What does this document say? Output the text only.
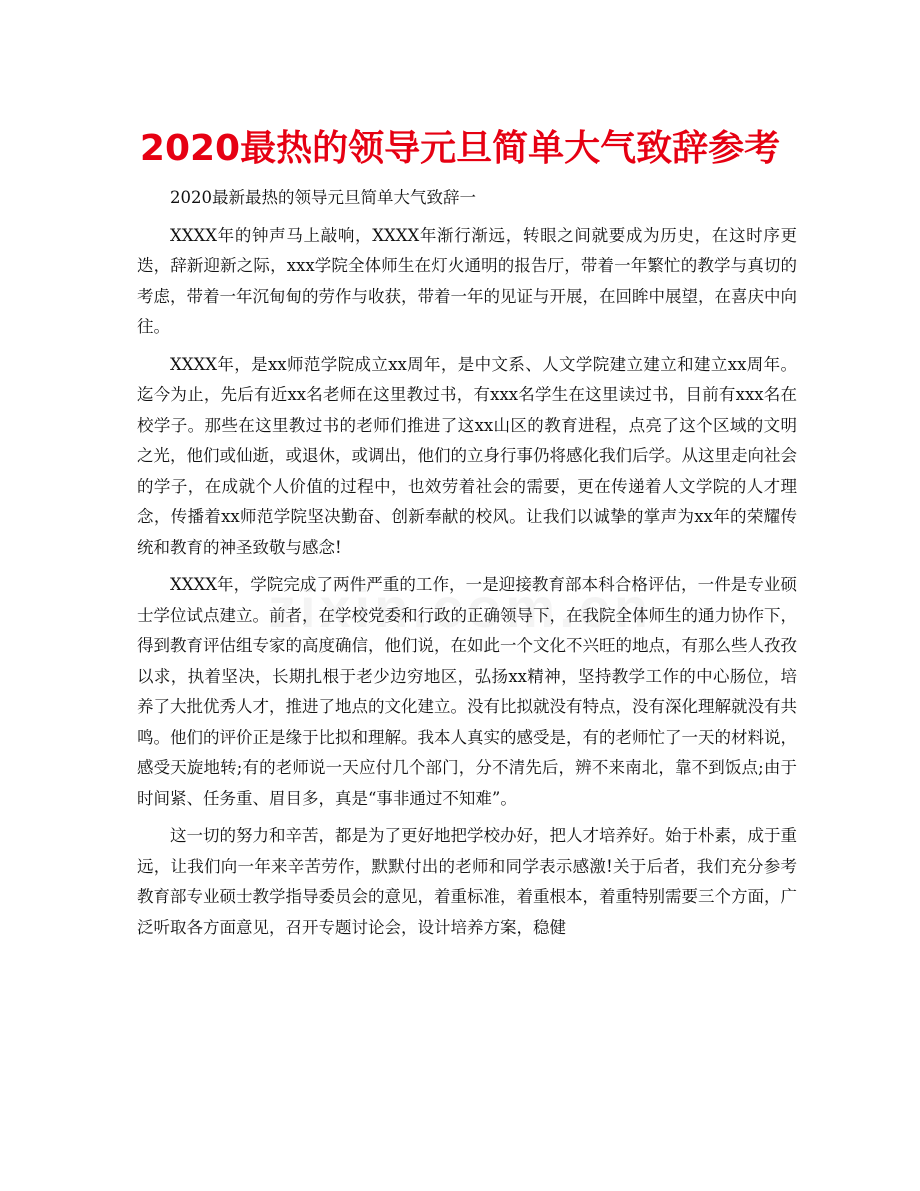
2020最热的领导元旦简单大气致辞参考

2020最新最热的领导元旦简单大气致辞一

XXXX年的钟声马上敲响，XXXX年渐行渐远，转眼之间就要成为历史，在这时序更迭，辞新迎新之际，xxx学院全体师生在灯火通明的报告厅，带着一年繁忙的教学与真切的考虑，带着一年沉甸甸的劳作与收获，带着一年的见证与开展，在回眸中展望，在喜庆中向往。

XXXX年，是xx师范学院成立xx周年，是中文系、人文学院建立建立和建立xx周年。迄今为止，先后有近xx名老师在这里教过书，有xxx名学生在这里读过书，目前有xxx名在校学子。那些在这里教过书的老师们推进了这xx山区的教育进程，点亮了这个区域的文明之光，他们或仙逝，或退休，或调出，他们的立身行事仍将感化我们后学。从这里走向社会的学子，在成就个人价值的过程中，也效劳着社会的需要，更在传递着人文学院的人才理念，传播着xx师范学院坚决勤奋、创新奉献的校风。让我们以诚挚的掌声为xx年的荣耀传统和教育的神圣致敬与感念!

XXXX年，学院完成了两件严重的工作，一是迎接教育部本科合格评估，一件是专业硕士学位试点建立。前者，在学校党委和行政的正确领导下，在我院全体师生的通力协作下，得到教育评估组专家的高度确信，他们说，在如此一个文化不兴旺的地点，有那么些人孜孜以求，执着坚决，长期扎根于老少边穷地区，弘扬xx精神，坚持教学工作的中心肠位，培养了大批优秀人才，推进了地点的文化建立。没有比拟就没有特点，没有深化理解就没有共鸣。他们的评价正是缘于比拟和理解。我本人真实的感受是，有的老师忙了一天的材料说，感受天旋地转;有的老师说一天应付几个部门，分不清先后，辨不来南北，靠不到饭点;由于时间紧、任务重、眉目多，真是“事非通过不知难”。

这一切的努力和辛苦，都是为了更好地把学校办好，把人才培养好。始于朴素，成于重远，让我们向一年来辛苦劳作，默默付出的老师和同学表示感激!关于后者，我们充分参考教育部专业硕士教学指导委员会的意见，着重标准，着重根本，着重特别需要三个方面，广泛听取各方面意见，召开专题讨论会，设计培养方案，稳健
